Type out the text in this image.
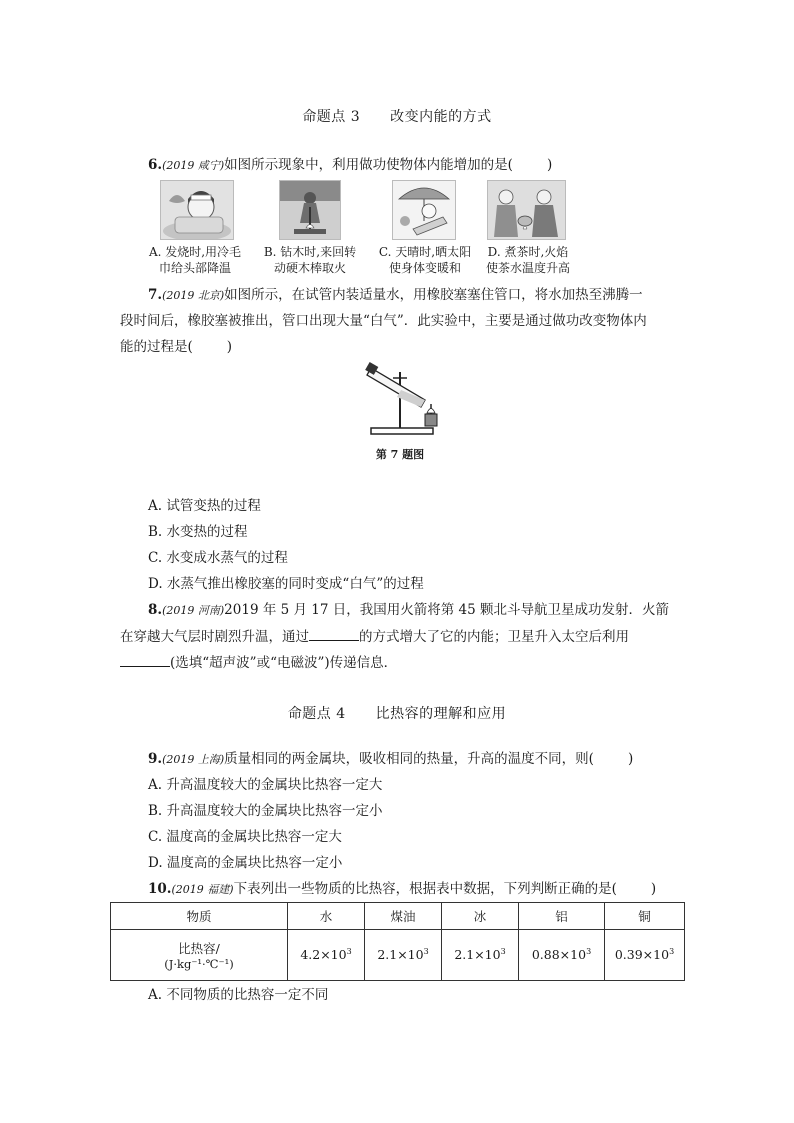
命题点 3 改变内能的方式
6.(2019 咸宁)如图所示现象中，利用做功使物体内能增加的是(	)
A. 发烧时,用冷毛
巾给头部降温
B. 钻木时,来回转
动硬木棒取火
C. 天晴时,晒太阳
使身体变暖和
D. 煮茶时,火焰
使茶水温度升高
7.(2019 北京)如图所示，在试管内装适量水，用橡胶塞塞住管口，将水加热至沸腾一
段时间后，橡胶塞被推出，管口出现大量“白气”．此实验中，主要是通过做功改变物体内
能的过程是(	)
第 7 题图
A. 试管变热的过程
B. 水变热的过程
C. 水变成水蒸气的过程
D. 水蒸气推出橡胶塞的同时变成“白气”的过程
8.(2019 河南)2019 年 5 月 17 日，我国用火箭将第 45 颗北斗导航卫星成功发射．火箭
在穿越大气层时剧烈升温，通过	的方式增大了它的内能；卫星升入太空后利用
(选填“超声波”或“电磁波”)传递信息．
命题点 4 比热容的理解和应用
9.(2019 上海)质量相同的两金属块，吸收相同的热量，升高的温度不同，则(	)
A. 升高温度较大的金属块比热容一定大
B. 升高温度较大的金属块比热容一定小
C. 温度高的金属块比热容一定大
D. 温度高的金属块比热容一定小
10.(2019 福建)下表列出一些物质的比热容，根据表中数据，下列判断正确的是(	)
物质	水	煤油	冰	铝	铜

比热容/
(J·kg⁻¹·℃⁻¹)	$4.2\times 10^3$	$2.1\times 10^3$	$2.1\times 10^3$	$0.88\times 10^3$	$0.39\times 10^3$
A. 不同物质的比热容一定不同
